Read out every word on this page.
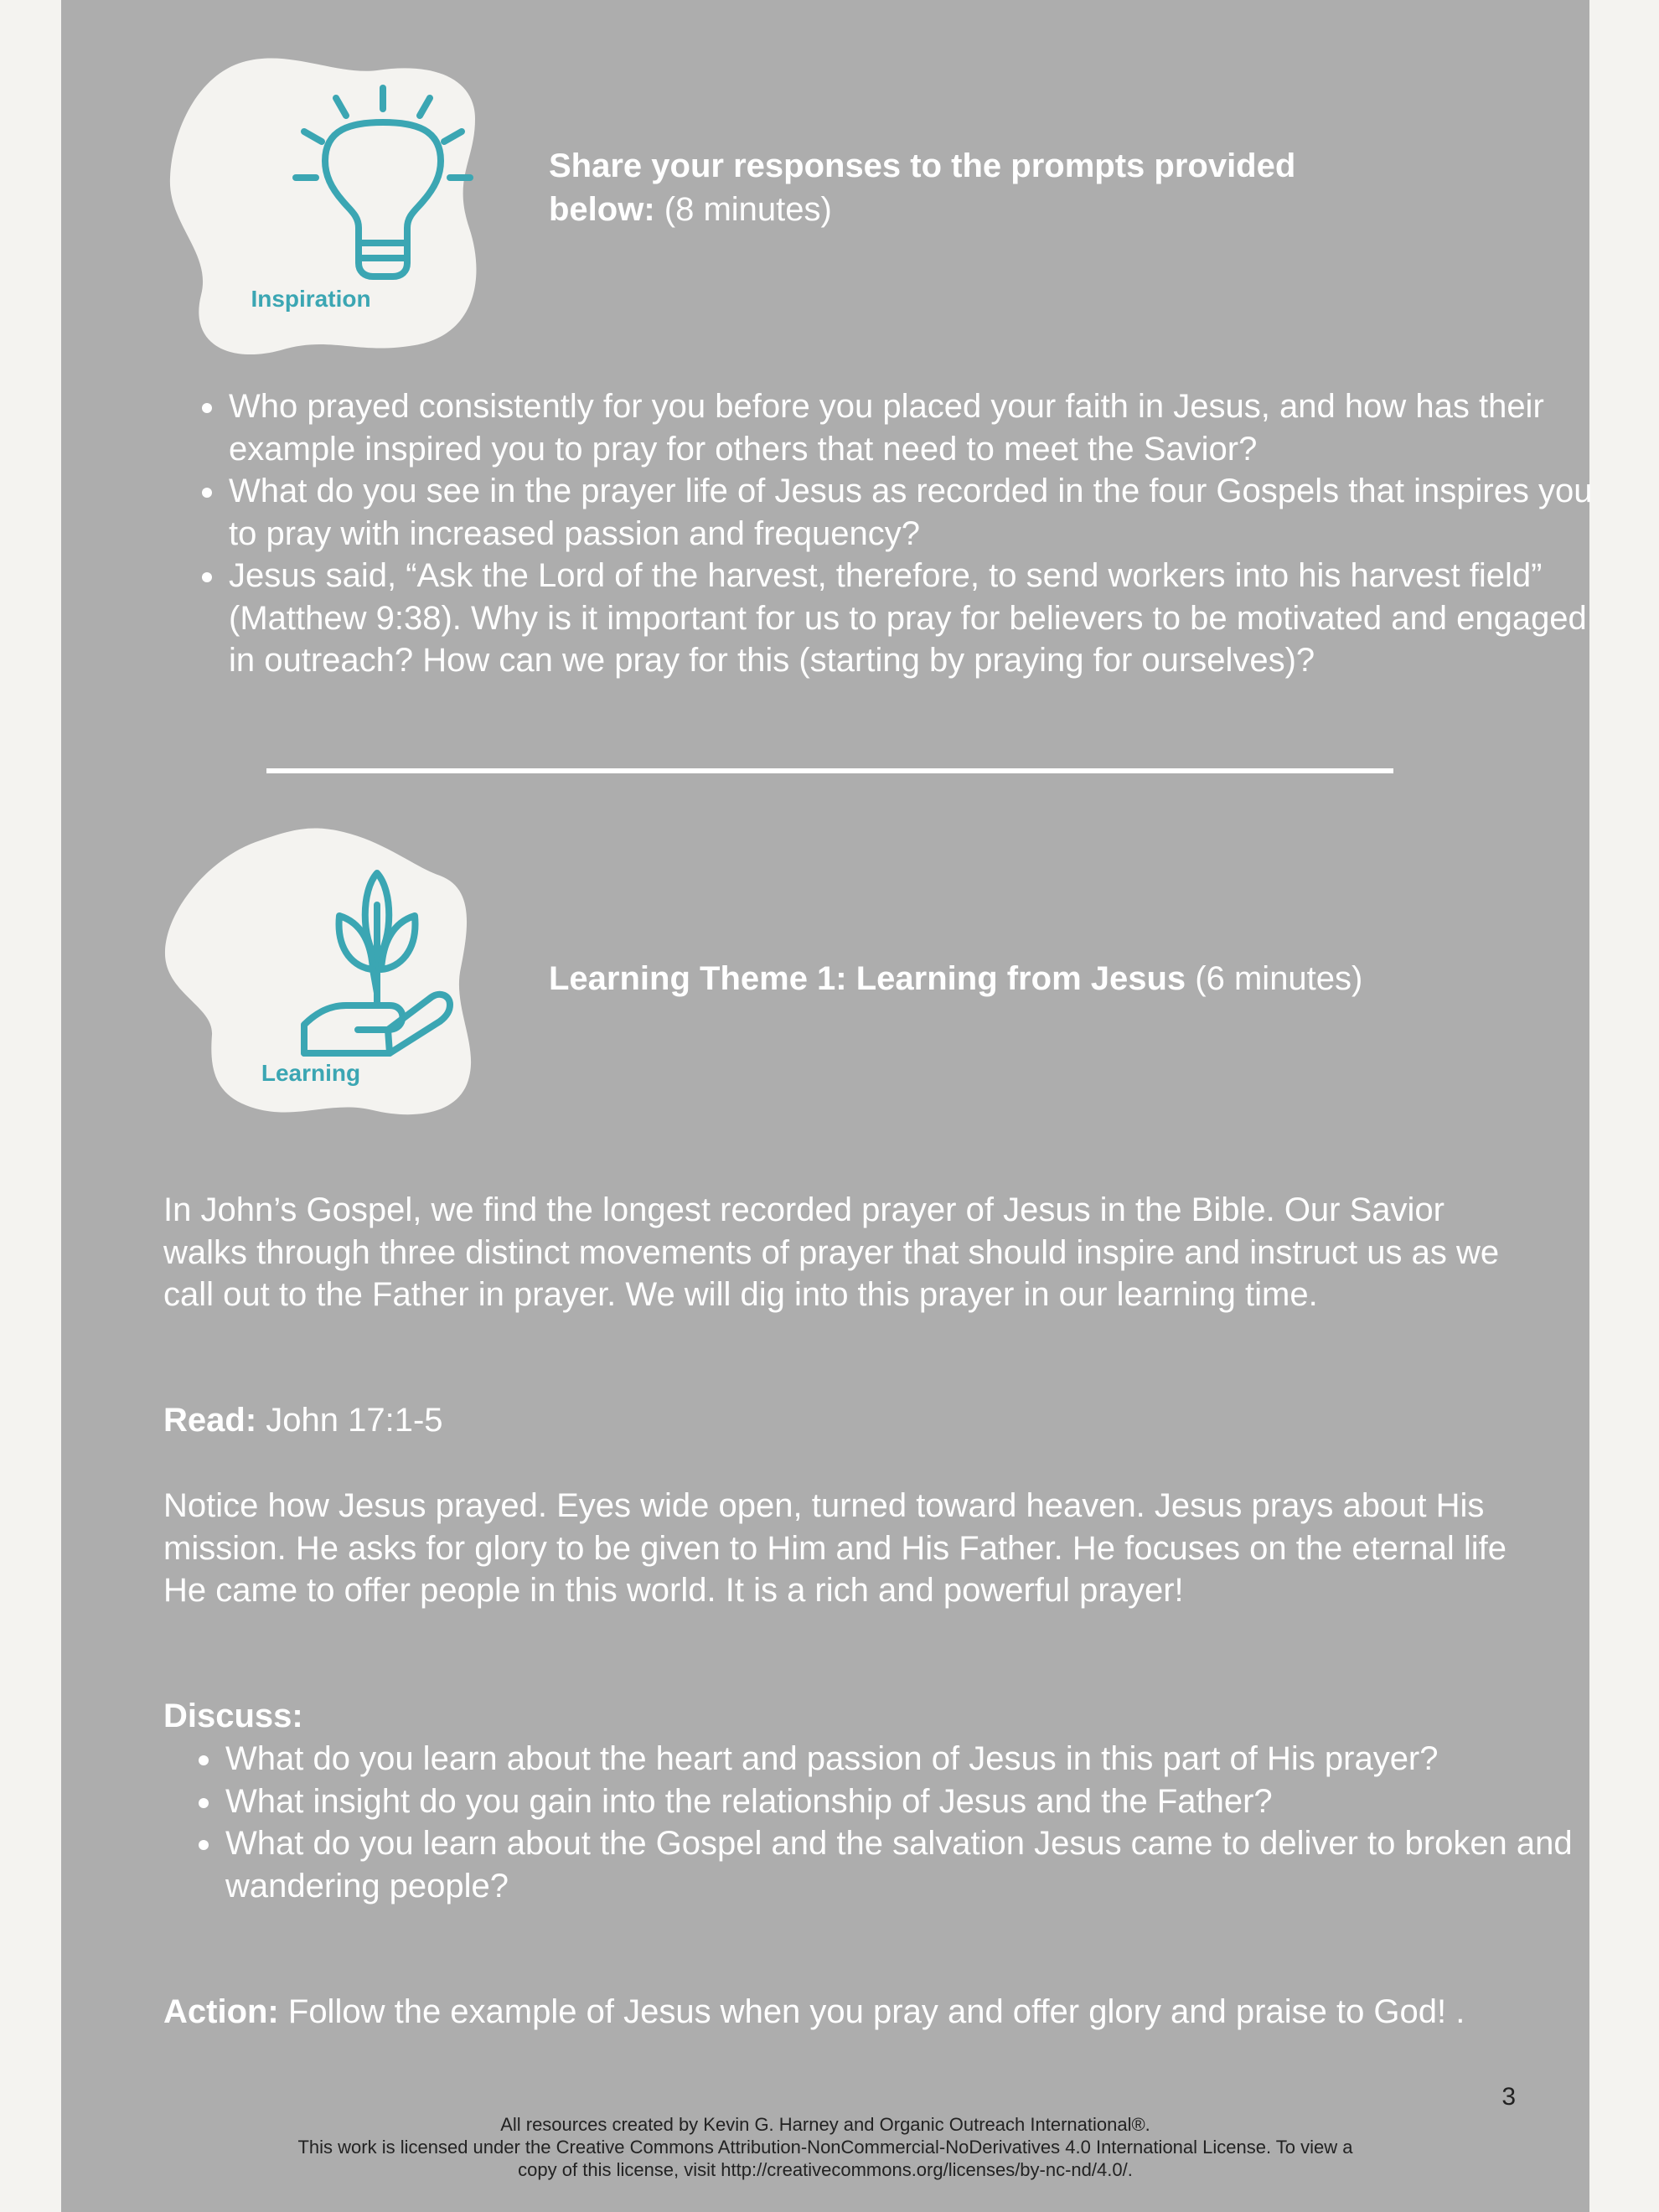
Inspiration
Share your responses to the prompts provided below: (8 minutes)
• Who prayed consistently for you before you placed your faith in Jesus, and how has their example inspired you to pray for others that need to meet the Savior?
• What do you see in the prayer life of Jesus as recorded in the four Gospels that inspires you to pray with increased passion and frequency?
• Jesus said, “Ask the Lord of the harvest, therefore, to send workers into his harvest field” (Matthew 9:38). Why is it important for us to pray for believers to be motivated and engaged in outreach? How can we pray for this (starting by praying for ourselves)?
Learning
Learning Theme 1: Learning from Jesus (6 minutes)

In John’s Gospel, we find the longest recorded prayer of Jesus in the Bible. Our Savior walks through three distinct movements of prayer that should inspire and instruct us as we call out to the Father in prayer. We will dig into this prayer in our learning time.

Read: John 17:1-5

Notice how Jesus prayed. Eyes wide open, turned toward heaven. Jesus prays about His mission. He asks for glory to be given to Him and His Father. He focuses on the eternal life He came to offer people in this world. It is a rich and powerful prayer!

Discuss:

• What do you learn about the heart and passion of Jesus in this part of His prayer?
• What insight do you gain into the relationship of Jesus and the Father?
• What do you learn about the Gospel and the salvation Jesus came to deliver to broken and wandering people?

Action: Follow the example of Jesus when you pray and offer glory and praise to God! .

3
All resources created by Kevin G. Harney and Organic Outreach International®.
This work is licensed under the Creative Commons Attribution-NonCommercial-NoDerivatives 4.0 International License. To view a
copy of this license, visit http://creativecommons.org/licenses/by-nc-nd/4.0/.
